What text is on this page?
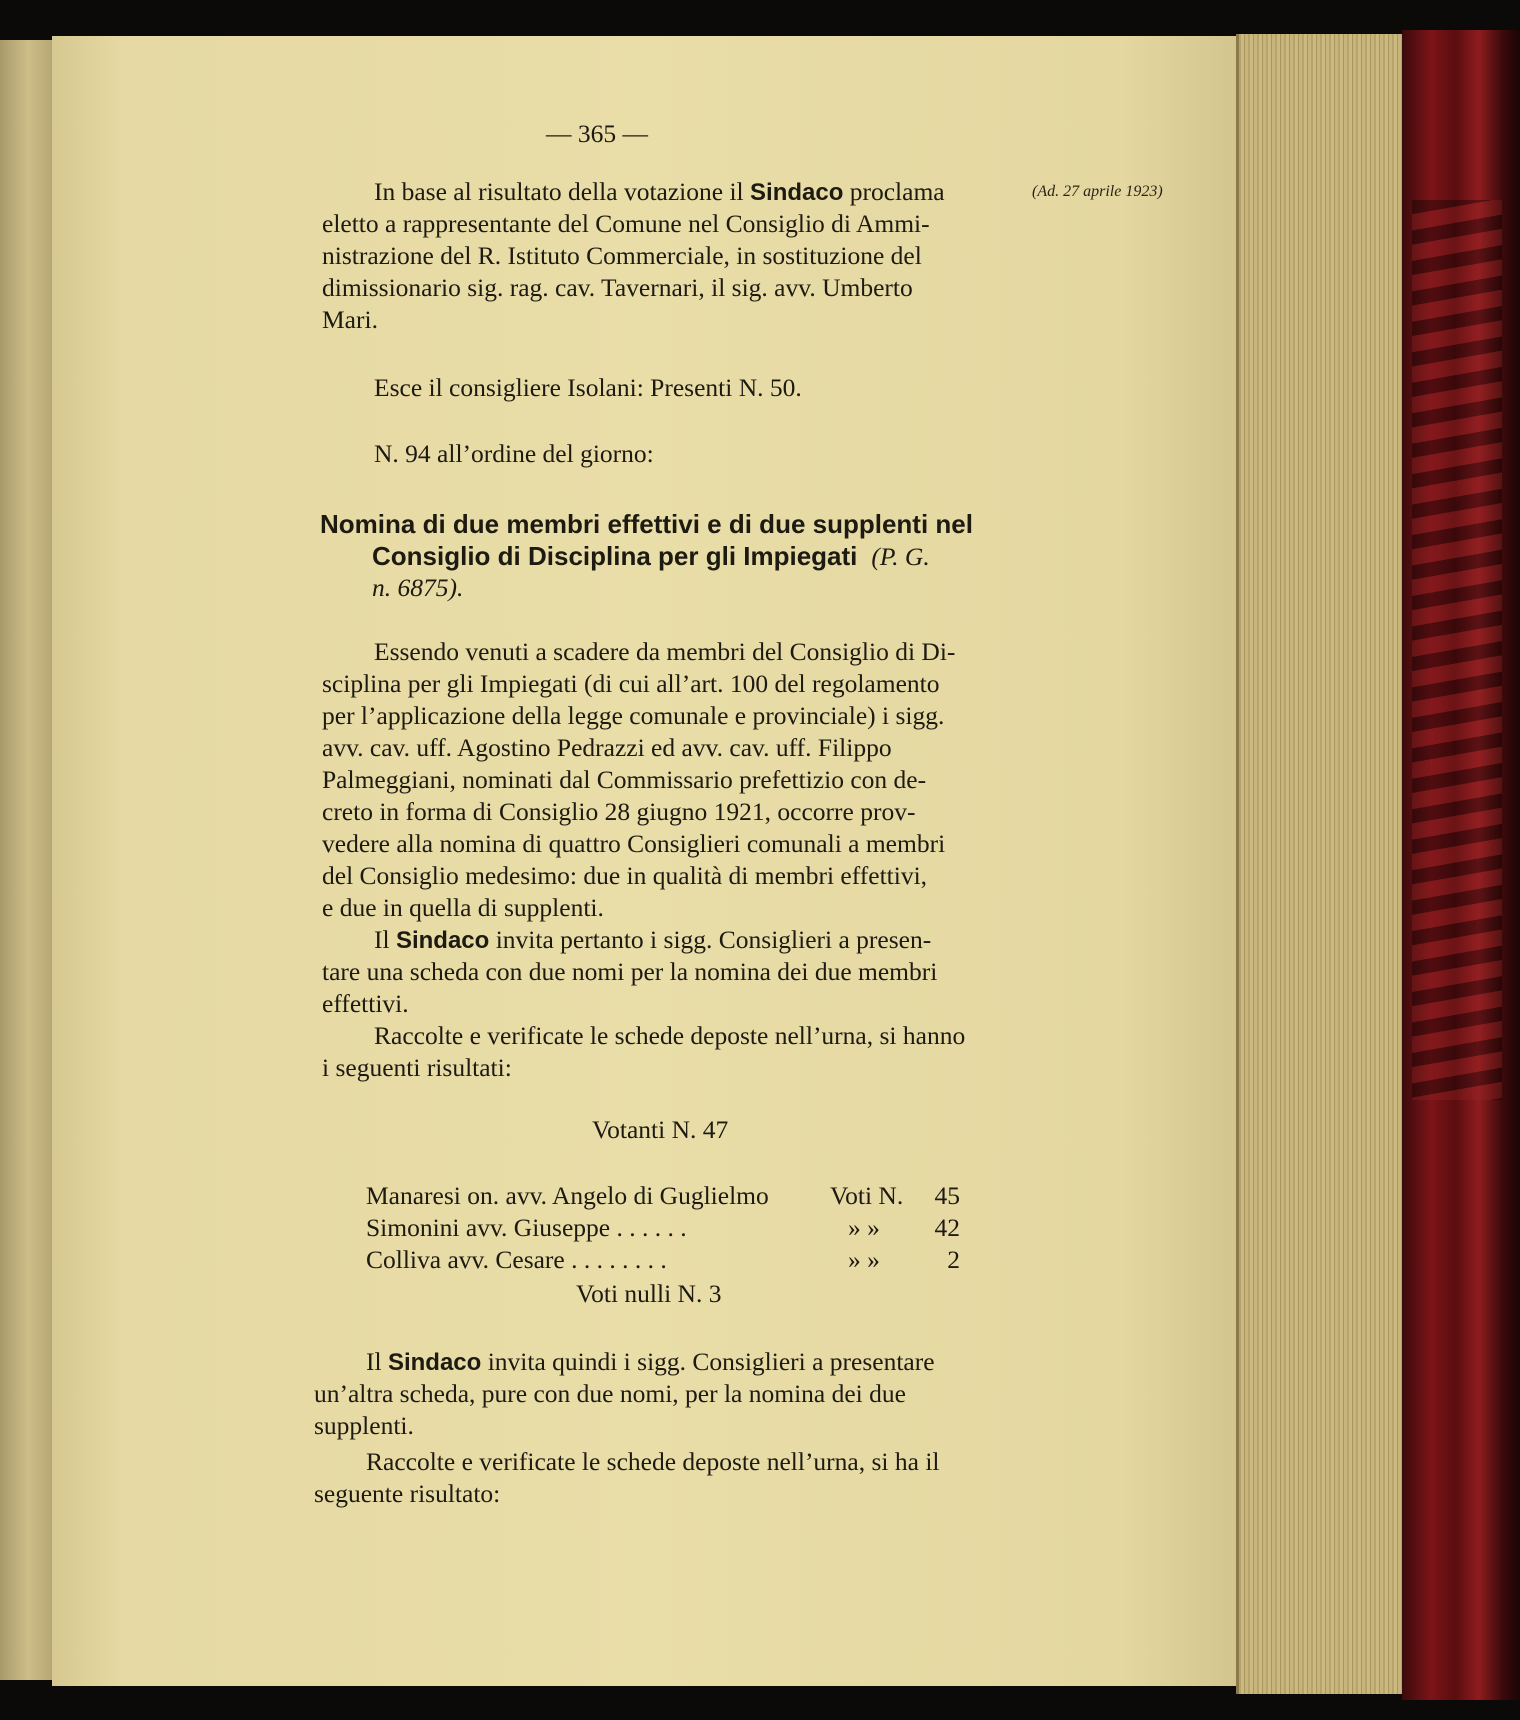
— 365 —
(Ad. 27 aprile 1923)
In base al risultato della votazione il Sindaco proclama
eletto a rappresentante del Comune nel Consiglio di Ammi-
nistrazione del R. Istituto Commerciale, in sostituzione del
dimissionario sig. rag. cav. Tavernari, il sig. avv. Umberto
Mari.
Esce il consigliere Isolani: Presenti N. 50.
N. 94 all’ordine del giorno:
Nomina di due membri effettivi e di due supplenti nel
Consiglio di Disciplina per gli Impiegati (P. G.
n. 6875).
Essendo venuti a scadere da membri del Consiglio di Di-
sciplina per gli Impiegati (di cui all’art. 100 del regolamento
per l’applicazione della legge comunale e provinciale) i sigg.
avv. cav. uff. Agostino Pedrazzi ed avv. cav. uff. Filippo
Palmeggiani, nominati dal Commissario prefettizio con de-
creto in forma di Consiglio 28 giugno 1921, occorre prov-
vedere alla nomina di quattro Consiglieri comunali a membri
del Consiglio medesimo: due in qualità di membri effettivi,
e due in quella di supplenti.
Il Sindaco invita pertanto i sigg. Consiglieri a presen-
tare una scheda con due nomi per la nomina dei due membri
effettivi.
Raccolte e verificate le schede deposte nell’urna, si hanno
i seguenti risultati:
Votanti N. 47
Manaresi on. avv. Angelo di Guglielmo Voti N. 45
Simonini avv. Giuseppe . . . . . .	» » 42
Colliva avv. Cesare . . . . . . . .	» »	2
Voti nulli N. 3
Il Sindaco invita quindi i sigg. Consiglieri a presentare
un’altra scheda, pure con due nomi, per la nomina dei due
supplenti.
Raccolte e verificate le schede deposte nell’urna, si ha il
seguente risultato:
